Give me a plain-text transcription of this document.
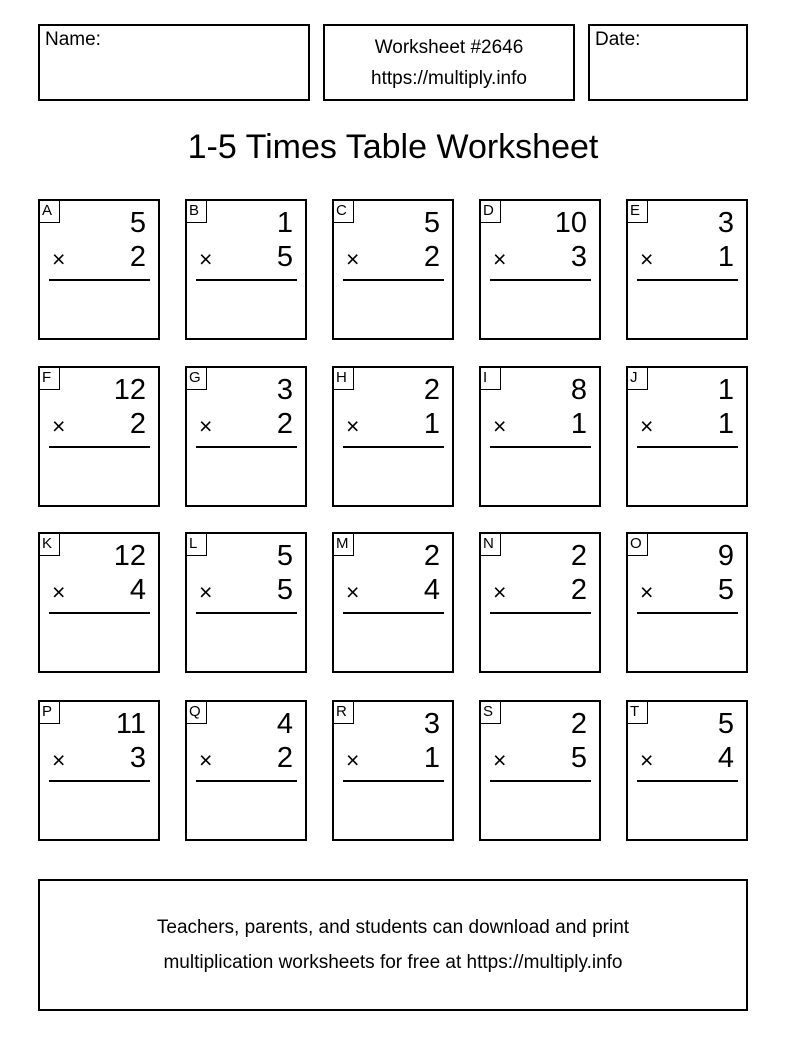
Name:	Worksheet #2646
https://multiply.info
Date:
1-5 Times Table Worksheet
A	5
× 2
B	1
× 5
C	5
× 2
D 10
× 3
E	3
× 1
F	12
× 2
G	3
× 2
H	2
× 1
I	8
× 1
J	1
× 1
K 12
× 4
L	5
× 5
M	2
× 4
N	2
× 2
O	9
× 5
P 11
× 3
Q	4
× 2
R	3
× 1
S	2
× 5
T	5
× 4
Teachers, parents, and students can download and print
multiplication worksheets for free at https://multiply.info
